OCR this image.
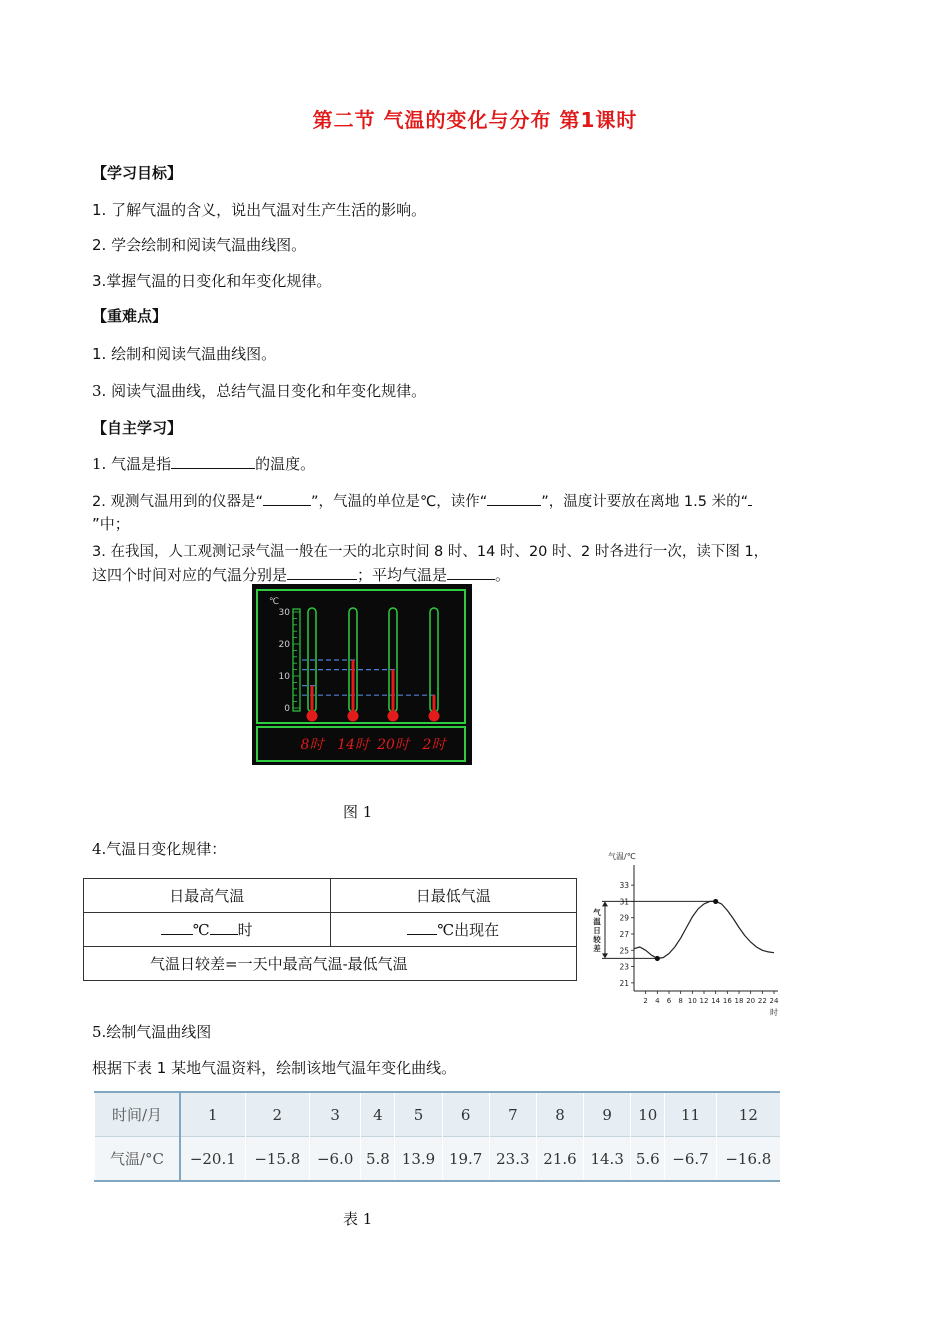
第二节 气温的变化与分布 第1课时
【学习目标】
1. 了解气温的含义，说出气温对生产生活的影响。
2. 学会绘制和阅读气温曲线图。
3.掌握气温的日变化和年变化规律。
【重难点】
1. 绘制和阅读气温曲线图。
3. 阅读气温曲线，总结气温日变化和年变化规律。
【自主学习】
1. 气温是指	的温度。
2. 观测气温用到的仪器是“	”，气温的单位是℃，读作“	”，温度计要放在离地 1.5 米的“
”中；
3. 在我国，人工观测记录气温一般在一天的北京时间 8 时、14 时、20 时、2 时各进行一次，读下图 1，
这四个时间对应的气温分别是	；平均气温是	。
℃
30
20
10
0
8时 14时 20时 2时
图 1
4.气温日变化规律：
日最高气温	日最低气温
℃ 时	℃出现在
气温日较差=一天中最高气温-最低气温	
气温/℃
时
33
31
29
27
25
23
21
2 4 6 8 10 12 14 16 18 20 22 24
气
温
日
较
差
5.绘制气温曲线图
根据下表 1 某地气温资料，绘制该地气温年变化曲线。
时间/月	1	2	3	4	5	6	7	8	9	10	11	12
气温/°C	−20.1	−15.8	−6.0	5.8	13.9	19.7	23.3	21.6	14.3	5.6	−6.7	−16.8
表 1
